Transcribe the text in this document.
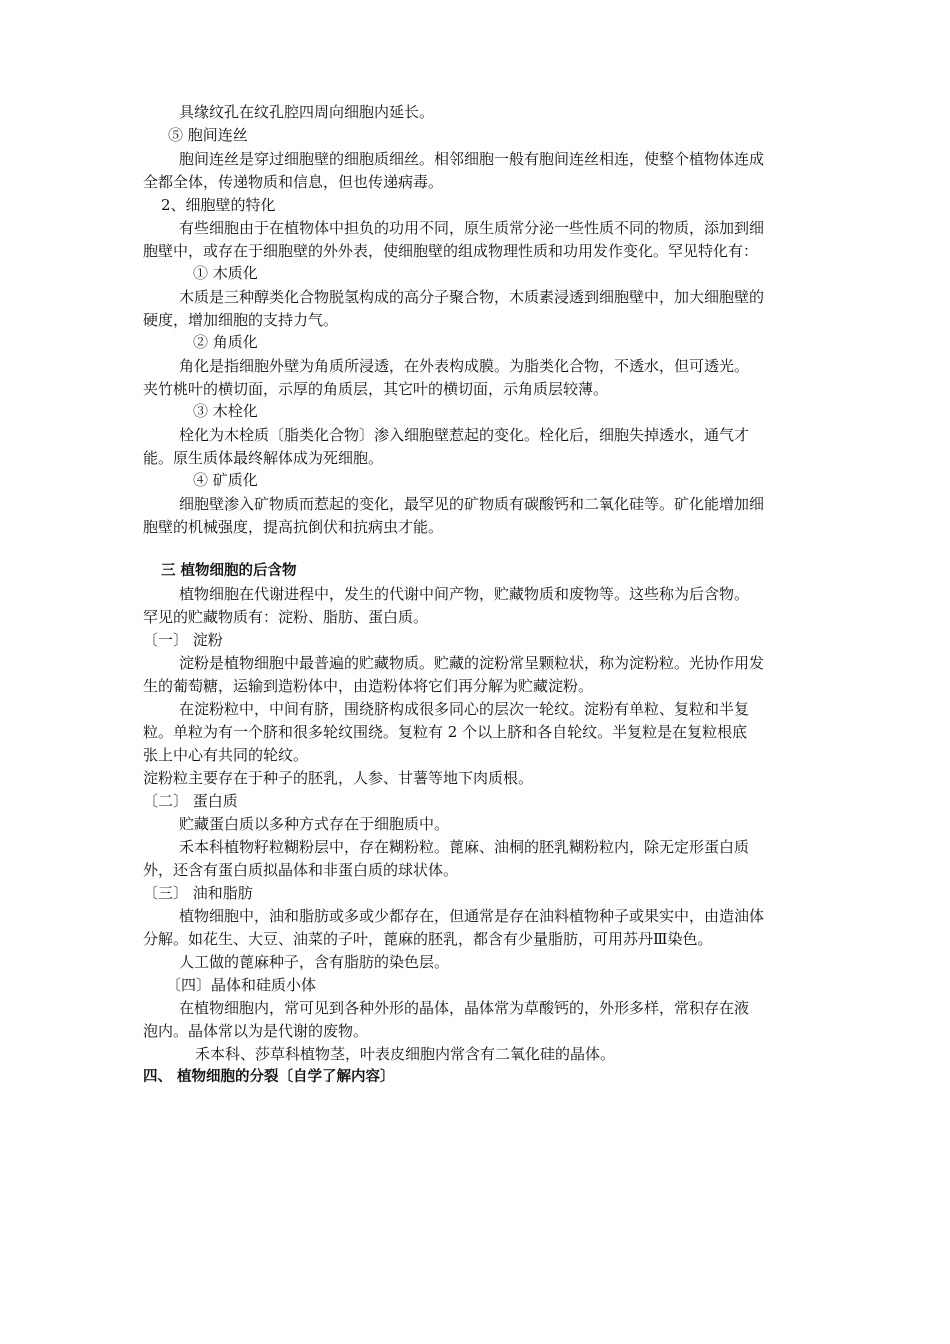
具缘纹孔在纹孔腔四周向细胞内延长。
⑤ 胞间连丝
胞间连丝是穿过细胞壁的细胞质细丝。相邻细胞一般有胞间连丝相连，使整个植物体连成
全都全体，传递物质和信息，但也传递病毒。
2、细胞壁的特化
有些细胞由于在植物体中担负的功用不同，原生质常分泌一些性质不同的物质，添加到细
胞壁中，或存在于细胞壁的外外表，使细胞壁的组成物理性质和功用发作变化。罕见特化有：
① 木质化
木质是三种醇类化合物脱氢构成的高分子聚合物，木质素浸透到细胞壁中，加大细胞壁的
硬度，增加细胞的支持力气。
② 角质化
角化是指细胞外壁为角质所浸透，在外表构成膜。为脂类化合物，不透水，但可透光。
夹竹桃叶的横切面，示厚的角质层，其它叶的横切面，示角质层较薄。
③ 木栓化
栓化为木栓质〔脂类化合物〕渗入细胞壁惹起的变化。栓化后，细胞失掉透水，通气才
能。原生质体最终解体成为死细胞。
④ 矿质化
细胞壁渗入矿物质而惹起的变化，最罕见的矿物质有碳酸钙和二氧化硅等。矿化能增加细
胞壁的机械强度，提高抗倒伏和抗病虫才能。
三 植物细胞的后含物
植物细胞在代谢进程中，发生的代谢中间产物，贮藏物质和废物等。这些称为后含物。
罕见的贮藏物质有：淀粉、脂肪、蛋白质。
〔一〕 淀粉
淀粉是植物细胞中最普遍的贮藏物质。贮藏的淀粉常呈颗粒状，称为淀粉粒。光协作用发
生的葡萄糖，运输到造粉体中，由造粉体将它们再分解为贮藏淀粉。
在淀粉粒中，中间有脐，围绕脐构成很多同心的层次一轮纹。淀粉有单粒、复粒和半复
粒。单粒为有一个脐和很多轮纹围绕。复粒有 2 个以上脐和各自轮纹。半复粒是在复粒根底
张上中心有共同的轮纹。
淀粉粒主要存在于种子的胚乳，人参、甘薯等地下肉质根。
〔二〕 蛋白质
贮藏蛋白质以多种方式存在于细胞质中。
禾本科植物籽粒糊粉层中，存在糊粉粒。蓖麻、油桐的胚乳糊粉粒内，除无定形蛋白质
外，还含有蛋白质拟晶体和非蛋白质的球状体。
〔三〕 油和脂肪
植物细胞中，油和脂肪或多或少都存在，但通常是存在油料植物种子或果实中，由造油体
分解。如花生、大豆、油菜的子叶，蓖麻的胚乳，都含有少量脂肪，可用苏丹Ⅲ染色。
人工做的蓖麻种子，含有脂肪的染色层。
〔四〕晶体和硅质小体
在植物细胞内，常可见到各种外形的晶体，晶体常为草酸钙的，外形多样，常积存在液
泡内。晶体常以为是代谢的废物。
禾本科、莎草科植物茎，叶表皮细胞内常含有二氧化硅的晶体。
四、 植物细胞的分裂〔自学了解内容〕
